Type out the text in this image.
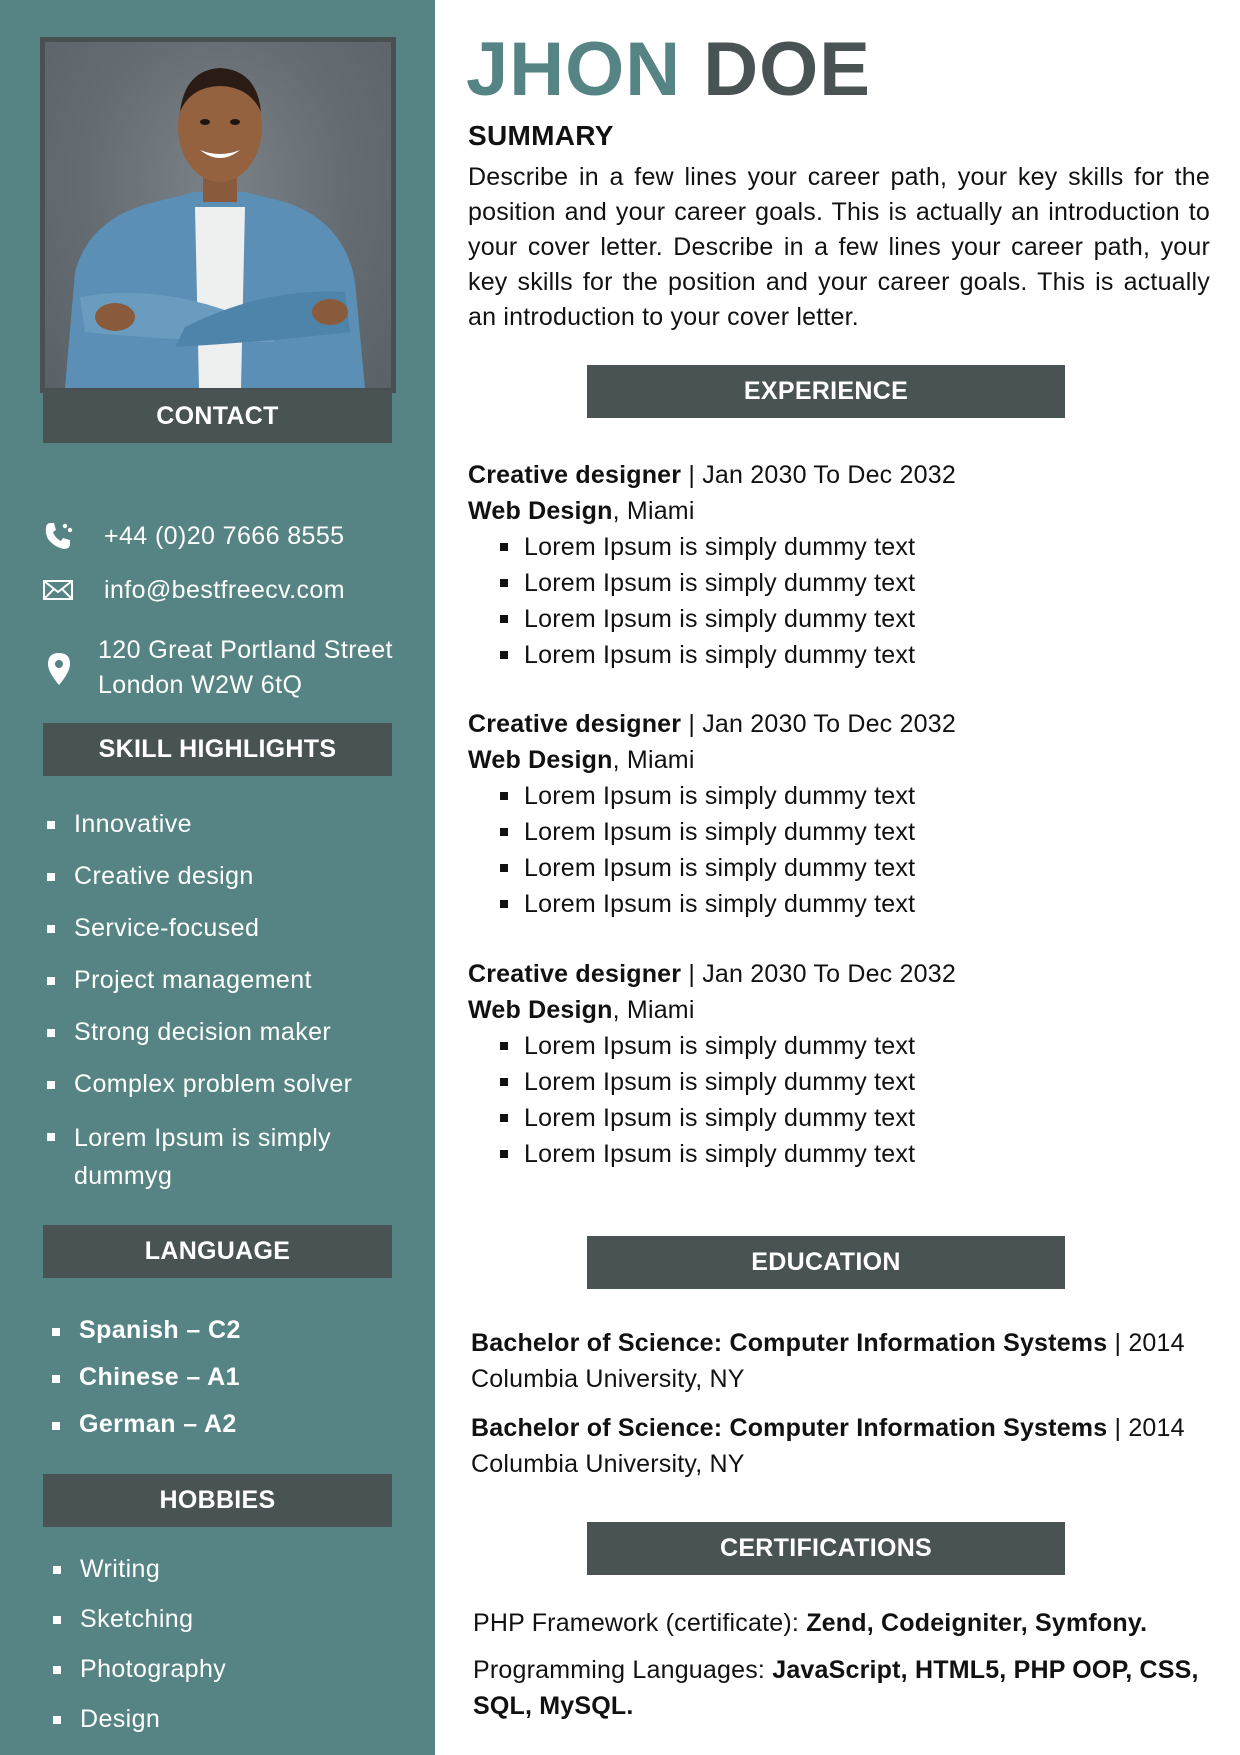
CONTACT
+44 (0)20 7666 8555
info@bestfreecv.com
120 Great Portland Street
London W2W 6tQ
SKILL HIGHLIGHTS
Innovative
Creative design
Service-focused
Project management
Strong decision maker
Complex problem solver
Lorem Ipsum is simply dummyg
LANGUAGE
Spanish – C2
Chinese – A1
German – A2
HOBBIES
Writing
Sketching
Photography
Design
JHON DOE
SUMMARY
Describe in a few lines your career path, your key skills for the position and your career goals. This is actually an introduction to your cover letter. Describe in a few lines your career path, your key skills for the position and your career goals. This is actually an introduction to your cover letter.
EXPERIENCE
Creative designer | Jan 2030 To Dec 2032
Web Design, Miami
Lorem Ipsum is simply dummy text
Lorem Ipsum is simply dummy text
Lorem Ipsum is simply dummy text
Lorem Ipsum is simply dummy text
Creative designer | Jan 2030 To Dec 2032
Web Design, Miami
Lorem Ipsum is simply dummy text
Lorem Ipsum is simply dummy text
Lorem Ipsum is simply dummy text
Lorem Ipsum is simply dummy text
Creative designer | Jan 2030 To Dec 2032
Web Design, Miami
Lorem Ipsum is simply dummy text
Lorem Ipsum is simply dummy text
Lorem Ipsum is simply dummy text
Lorem Ipsum is simply dummy text
EDUCATION
Bachelor of Science: Computer Information Systems | 2014
Columbia University, NY
Bachelor of Science: Computer Information Systems | 2014
Columbia University, NY
CERTIFICATIONS
PHP Framework (certificate): Zend, Codeigniter, Symfony.
Programming Languages: JavaScript, HTML5, PHP OOP, CSS, SQL, MySQL.
